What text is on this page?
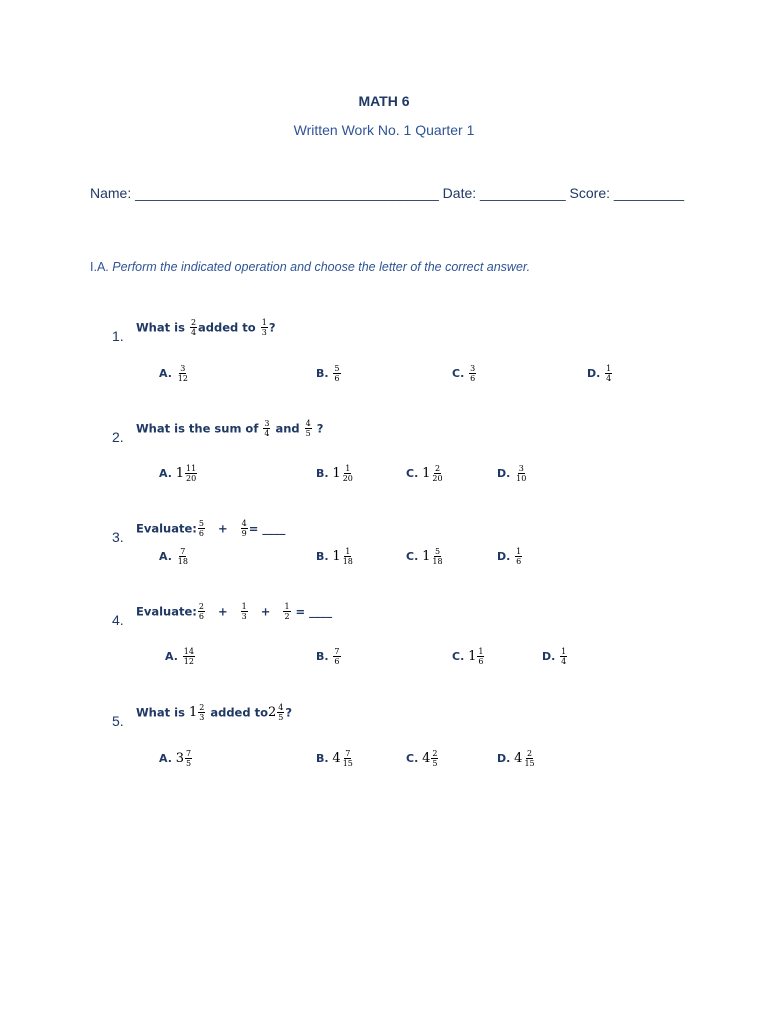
MATH 6
Written Work No. 1 Quarter 1
Name: _______________________________________ Date: ___________ Score: _________
I.A. Perform the indicated operation and choose the letter of the correct answer.
1.
What is $\frac{2}{4}$ added to $\frac{1}{3}$ ?
A. $\frac{3}{12}$	B. $\frac{5}{6}$	C. $\frac{3}{6}$	D. $\frac{1}{4}$
2.
What is the sum of $\frac{3}{4}$ and $\frac{4}{5}$ ?
A. $1 \frac{11}{20}$	B. $1 \frac{1}{20}$	C. $1 \frac{2}{20}$	D. $\frac{3}{10}$
3.
Evaluate: $\frac{5}{6} + \frac{4}{9}$ = ____
A. $\frac{7}{18}$	B. $1 \frac{1}{18}$	C. $1 \frac{5}{18}$	D. $\frac{1}{6}$
4.
Evaluate: $\frac{2}{6} + \frac{1}{3} + \frac{1}{2}$ = ____
A. $\frac{14}{12}$	B. $\frac{7}{6}$	C. $1 \frac{1}{6}$	D. $\frac{1}{4}$
5.
What is $1 \frac{2}{3}$ added $to2 \frac{4}{5}$ ?
A. $3 \frac{7}{5}$	B. $4 \frac{7}{15}$	C. $4 \frac{2}{5}$	D. $4 \frac{2}{15}$
